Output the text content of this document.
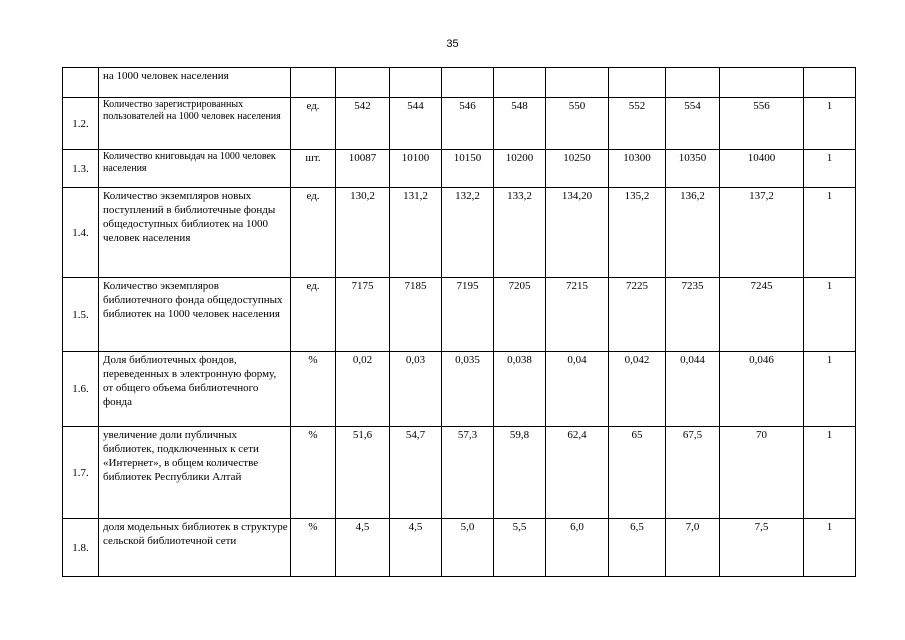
35
	на 1000 человек населения										
1.2.	Количество зарегистрированных пользователей на 1000 человек населения	ед.	542	544	546	548	550	552	554	556	1
1.3.	Количество книговыдач на 1000 человек населения	шт.	10087	10100	10150	10200	10250	10300	10350	10400	1
1.4.	Количество экземпляров новых поступлений в библиотечные фонды общедоступных библиотек на 1000 человек населения	ед.	130,2	131,2	132,2	133,2	134,20	135,2	136,2	137,2	1
1.5.	Количество экземпляров библиотечного фонда общедоступных библиотек на 1000 человек населения	ед.	7175	7185	7195	7205	7215	7225	7235	7245	1
1.6.	Доля библиотечных фондов, переведенных в электронную форму, от общего объема библиотечного фонда	%	0,02	0,03	0,035	0,038	0,04	0,042	0,044	0,046	1
1.7.	увеличение доли публичных библиотек, подключенных к сети «Интернет», в общем количестве библиотек Республики Алтай	%	51,6	54,7	57,3	59,8	62,4	65	67,5	70	1
1.8.	доля модельных библиотек в структуре сельской библиотечной сети	%	4,5	4,5	5,0	5,5	6,0	6,5	7,0	7,5	1
